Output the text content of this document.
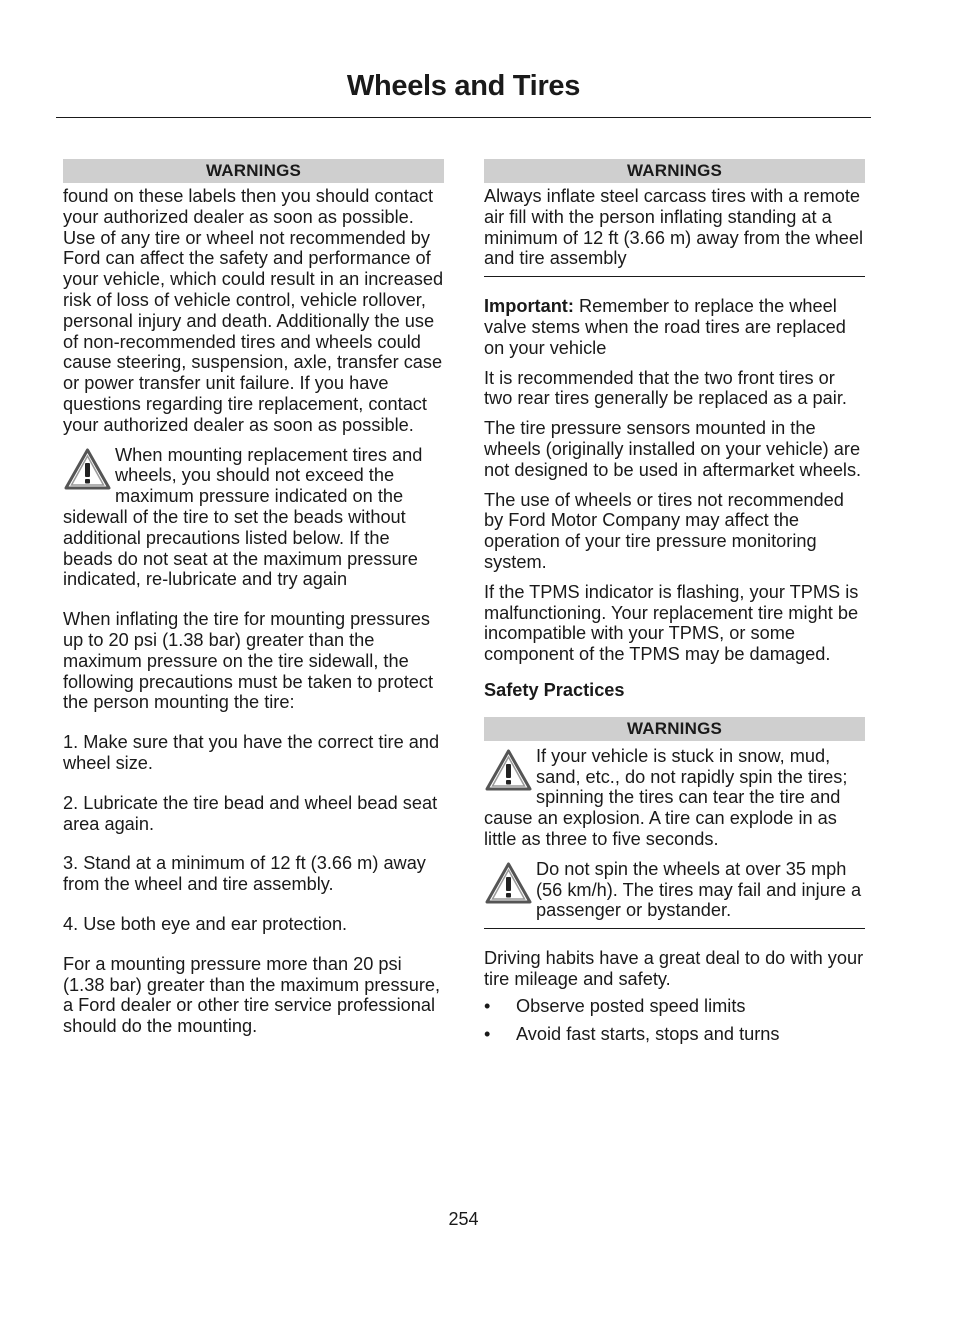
Wheels and Tires
WARNINGS
found on these labels then you should contact your authorized dealer as soon as possible. Use of any tire or wheel not recommended by Ford can affect the safety and performance of your vehicle, which could result in an increased risk of loss of vehicle control, vehicle rollover, personal injury and death. Additionally the use of non-recommended tires and wheels could cause steering, suspension, axle, transfer case or power transfer unit failure. If you have questions regarding tire replacement, contact your authorized dealer as soon as possible.
When mounting replacement tires and wheels, you should not exceed the maximum pressure indicated on the sidewall of the tire to set the beads without additional precautions listed below. If the beads do not seat at the maximum pressure indicated, re-lubricate and try again
When inflating the tire for mounting pressures up to 20 psi (1.38 bar) greater than the maximum pressure on the tire sidewall, the following precautions must be taken to protect the person mounting the tire:
1. Make sure that you have the correct tire and wheel size.
2. Lubricate the tire bead and wheel bead seat area again.
3. Stand at a minimum of 12 ft (3.66 m) away from the wheel and tire assembly.
4. Use both eye and ear protection.
For a mounting pressure more than 20 psi (1.38 bar) greater than the maximum pressure, a Ford dealer or other tire service professional should do the mounting.
WARNINGS
Always inflate steel carcass tires with a remote air fill with the person inflating standing at a minimum of 12 ft (3.66 m) away from the wheel and tire assembly
Important: Remember to replace the wheel valve stems when the road tires are replaced on your vehicle
It is recommended that the two front tires or two rear tires generally be replaced as a pair.
The tire pressure sensors mounted in the wheels (originally installed on your vehicle) are not designed to be used in aftermarket wheels.
The use of wheels or tires not recommended by Ford Motor Company may affect the operation of your tire pressure monitoring system.
If the TPMS indicator is flashing, your TPMS is malfunctioning. Your replacement tire might be incompatible with your TPMS, or some component of the TPMS may be damaged.
Safety Practices
WARNINGS
If your vehicle is stuck in snow, mud, sand, etc., do not rapidly spin the tires; spinning the tires can tear the tire and cause an explosion. A tire can explode in as little as three to five seconds.
Do not spin the wheels at over 35 mph (56 km/h). The tires may fail and injure a passenger or bystander.
Driving habits have a great deal to do with your tire mileage and safety.
• Observe posted speed limits
• Avoid fast starts, stops and turns
254
